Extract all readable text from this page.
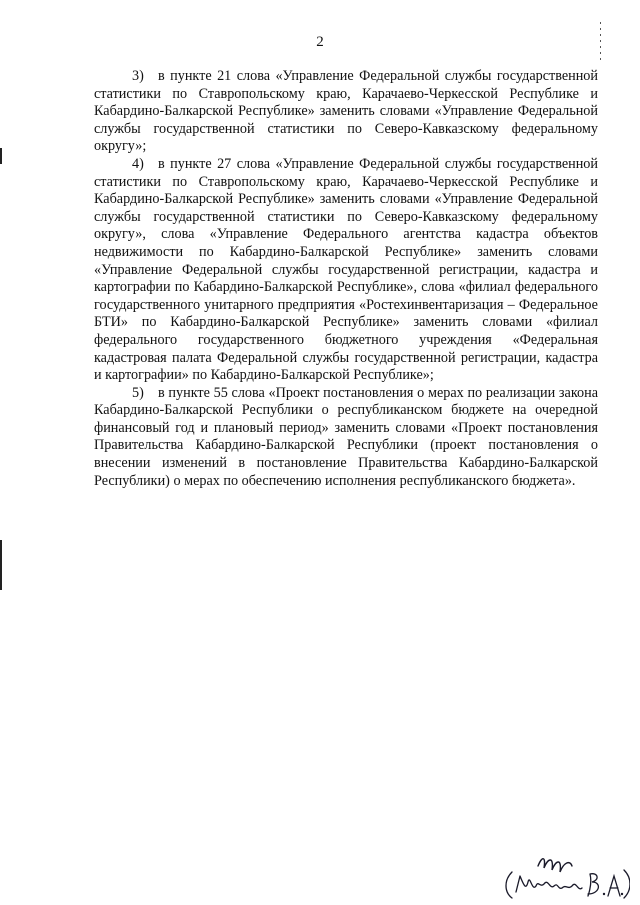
2

3) в пункте 21 слова «Управление Федеральной службы государственной статистики по Ставропольскому краю, Карачаево-Черкесской Республике и Кабардино-Балкарской Республике» заменить словами «Управление Федеральной службы государственной статистики по Северо-Кавказскому федеральному округу»;

4) в пункте 27 слова «Управление Федеральной службы государственной статистики по Ставропольскому краю, Карачаево-Черкесской Республике и Кабардино-Балкарской Республике» заменить словами «Управление Федеральной службы государственной статистики по Северо-Кавказскому федеральному округу», слова «Управление Федерального агентства кадастра объектов недвижимости по Кабардино-Балкарской Республике» заменить словами «Управление Федеральной службы государственной регистрации, кадастра и картографии по Кабардино-Балкарской Республике», слова «филиал федерального государственного унитарного предприятия «Ростехинвентаризация – Федеральное БТИ» по Кабардино-Балкарской Республике» заменить словами «филиал федерального государственного бюджетного учреждения «Федеральная кадастровая палата Федеральной службы государственной регистрации, кадастра и картографии» по Кабардино-Балкарской Республике»;

5) в пункте 55 слова «Проект постановления о мерах по реализации закона Кабардино-Балкарской Республики о республиканском бюджете на очередной финансовый год и плановый период» заменить словами «Проект постановления Правительства Кабардино-Балкарской Республики (проект постановления о внесении изменений в постановление Правительства Кабардино-Балкарской Республики) о мерах по обеспечению исполнения республиканского бюджета».
